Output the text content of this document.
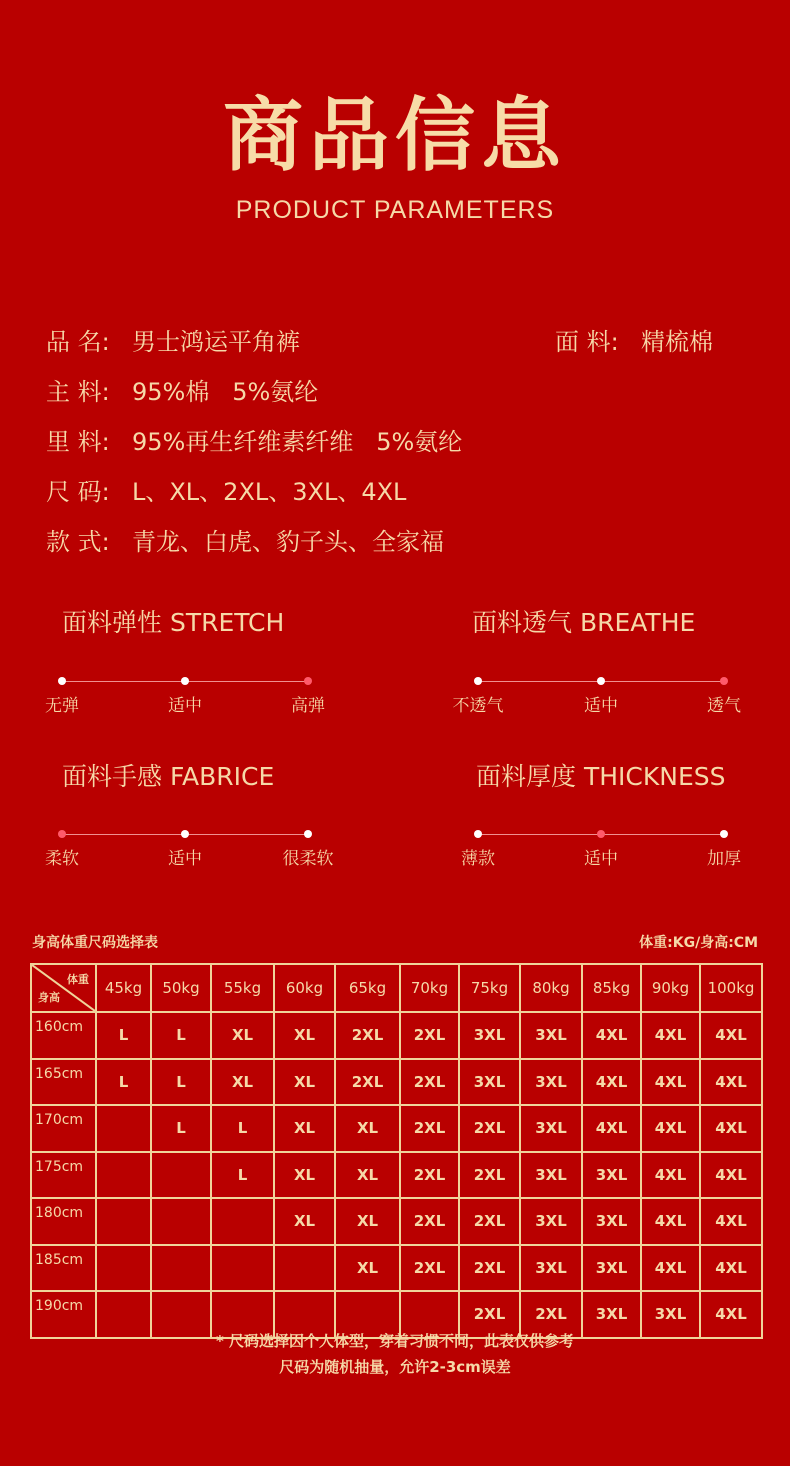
商品信息
PRODUCT PARAMETERS
品 名: 男士鸿运平角裤	面 料: 精梳棉
主 料: 95%棉   5%氨纶
里 料: 95%再生纤维素纤维   5%氨纶
尺 码: L、XL、2XL、3XL、4XL
款 式: 青龙、白虎、豹子头、全家福
面料弹性 STRETCH
无弹	适中	高弹
面料透气 BREATHE
不透气	适中	透气
面料手感 FABRICE
柔软	适中	很柔软
面料厚度 THICKNESS
薄款	适中	加厚
身高体重尺码选择表	体重:KG/身高:CM
体重
身高	45kg	50kg	55kg	60kg	65kg	70kg	75kg	80kg	85kg	90kg	100kg
160cm	L	L	XL	XL	2XL	2XL	3XL	3XL	4XL	4XL	4XL
165cm	L	L	XL	XL	2XL	2XL	3XL	3XL	4XL	4XL	4XL
170cm		L	L	XL	XL	2XL	2XL	3XL	4XL	4XL	4XL
175cm			L	XL	XL	2XL	2XL	3XL	3XL	4XL	4XL
180cm				XL	XL	2XL	2XL	3XL	3XL	4XL	4XL
185cm					XL	2XL	2XL	3XL	3XL	4XL	4XL
190cm							2XL	2XL	3XL	3XL	4XL
* 尺码选择因个人体型，穿着习惯不同，此表仅供参考
尺码为随机抽量，允许2-3cm误差
